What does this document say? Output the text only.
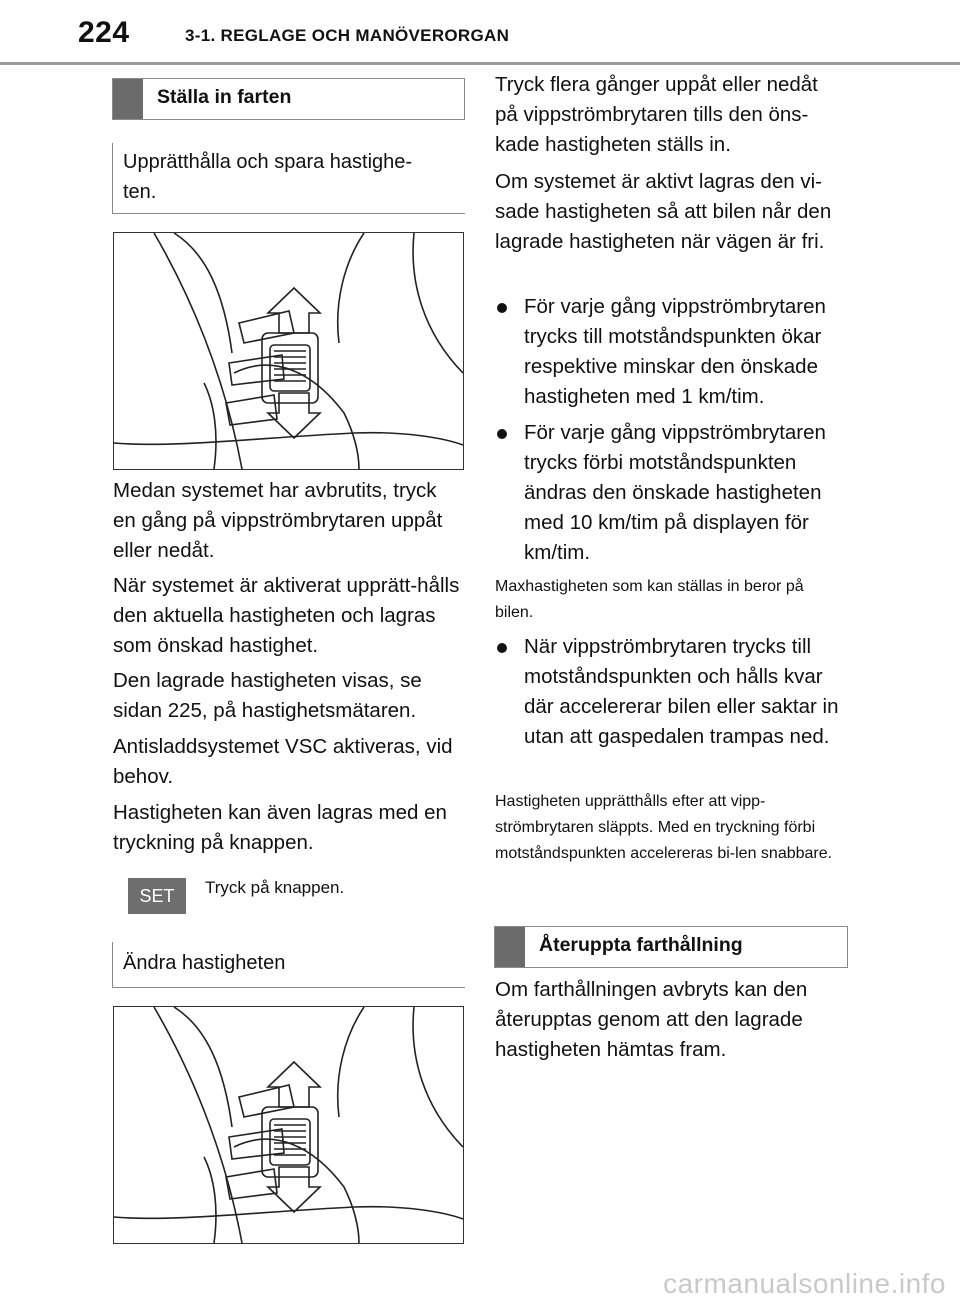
224	3-1. REGLAGE OCH MANÖVERORGAN
Ställa in farten
Upprätthålla och spara hastighe-
ten.
Medan systemet har avbrutits, tryck en gång på vippströmbrytaren uppåt eller nedåt.
När systemet är aktiverat upprätt-hålls den aktuella hastigheten och lagras som önskad hastighet.
Den lagrade hastigheten visas, se sidan 225, på hastighetsmätaren.
Antisladdsystemet VSC aktiveras, vid behov.
Hastigheten kan även lagras med en tryckning på knappen.
SET	Tryck på knappen.
Ändra hastigheten
Tryck flera gånger uppåt eller nedåt på vippströmbrytaren tills den öns-kade hastigheten ställs in.
Om systemet är aktivt lagras den vi-sade hastigheten så att bilen når den lagrade hastigheten när vägen är fri.
För varje gång vippströmbrytaren trycks till motståndspunkten ökar respektive minskar den önskade hastigheten med 1 km/tim.
För varje gång vippströmbrytaren trycks förbi motståndspunkten ändras den önskade hastigheten med 10 km/tim på displayen för km/tim.
Maxhastigheten som kan ställas in beror på bilen.
När vippströmbrytaren trycks till motståndspunkten och hålls kvar där accelererar bilen eller saktar in utan att gaspedalen trampas ned.
Hastigheten upprätthålls efter att vipp-strömbrytaren släppts. Med en tryckning förbi motståndspunkten accelereras bi-len snabbare.
Återuppta farthållning
Om farthållningen avbryts kan den återupptas genom att den lagrade hastigheten hämtas fram.
carmanualsonline.info
